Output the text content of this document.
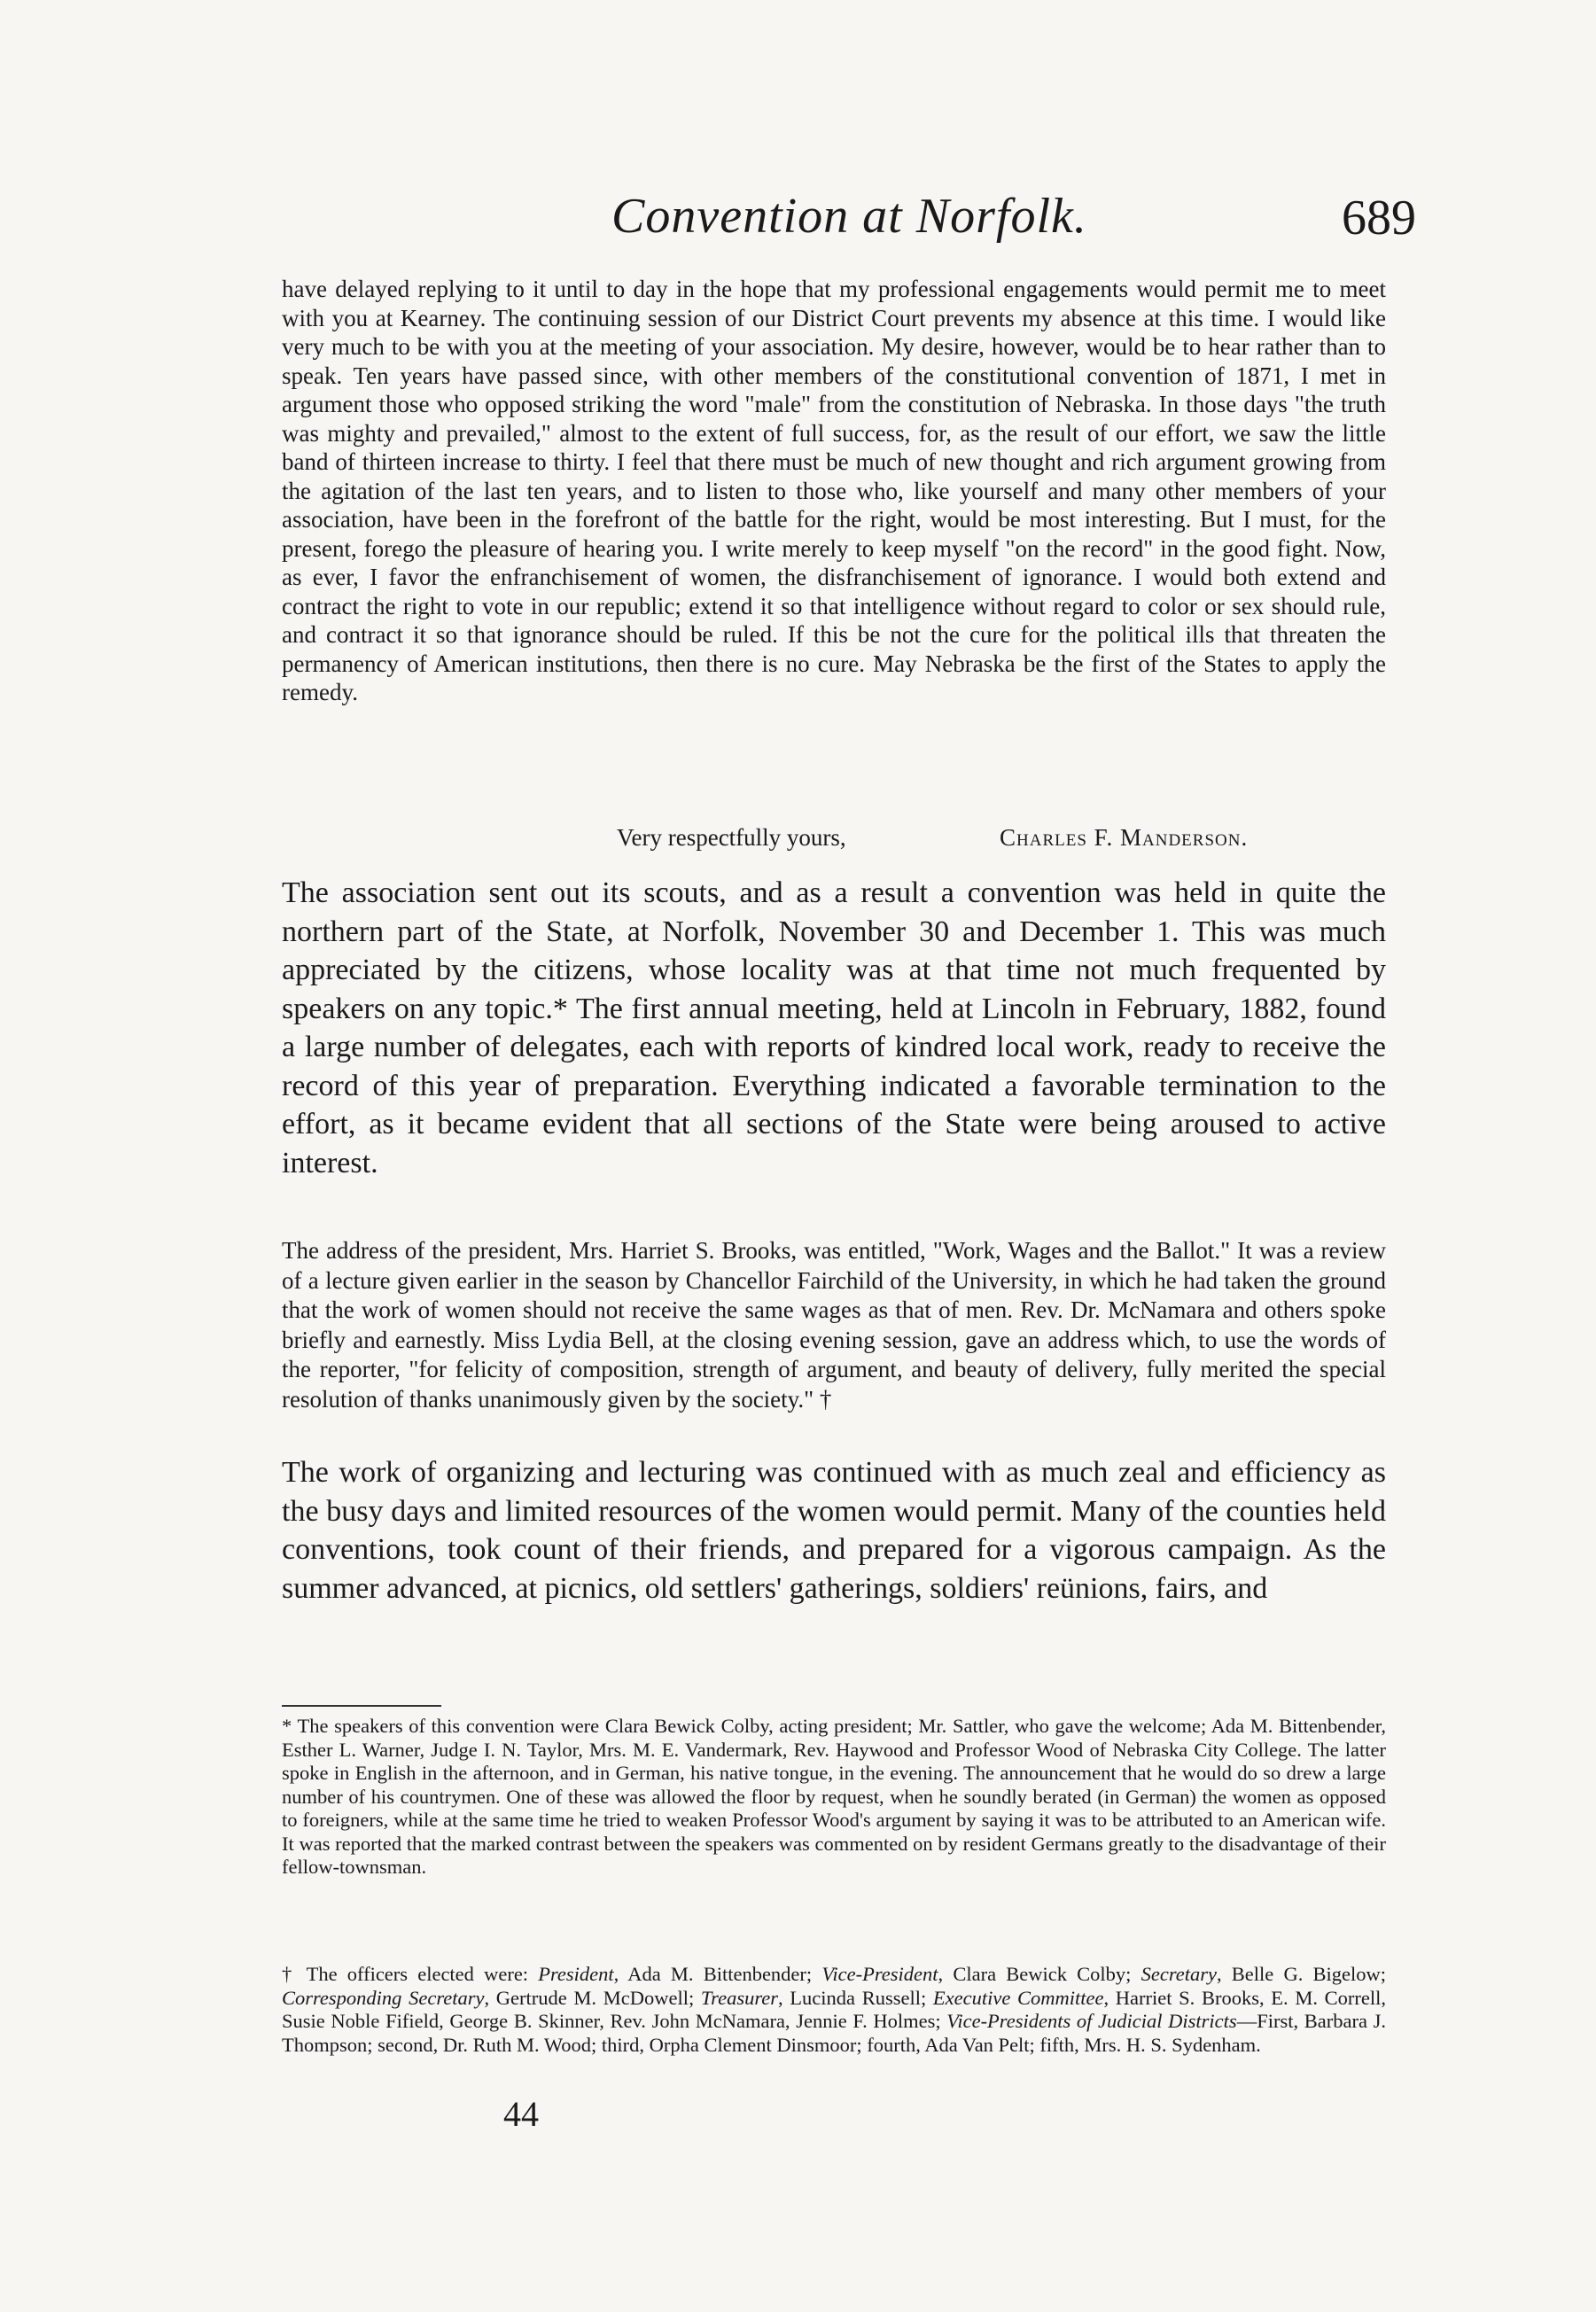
Convention at Norfolk.	689

have delayed replying to it until to day in the hope that my professional engagements would permit me to meet with you at Kearney. The continuing session of our District Court prevents my absence at this time. I would like very much to be with you at the meeting of your association. My desire, however, would be to hear rather than to speak. Ten years have passed since, with other members of the constitutional convention of 1871, I met in argument those who opposed striking the word "male" from the constitution of Nebraska. In those days "the truth was mighty and prevailed," almost to the extent of full success, for, as the result of our effort, we saw the little band of thirteen increase to thirty. I feel that there must be much of new thought and rich argument growing from the agitation of the last ten years, and to listen to those who, like yourself and many other members of your association, have been in the forefront of the battle for the right, would be most interesting. But I must, for the present, forego the pleasure of hearing you. I write merely to keep myself "on the record" in the good fight. Now, as ever, I favor the enfranchisement of women, the disfranchisement of ignorance. I would both extend and contract the right to vote in our republic; extend it so that intelligence without regard to color or sex should rule, and contract it so that ignorance should be ruled. If this be not the cure for the political ills that threaten the permanency of American institutions, then there is no cure. May Nebraska be the first of the States to apply the remedy.

Very respectfully yours,	Charles F. Manderson.

The association sent out its scouts, and as a result a convention was held in quite the northern part of the State, at Norfolk, November 30 and December 1. This was much appreciated by the citizens, whose locality was at that time not much frequented by speakers on any topic.* The first annual meeting, held at Lincoln in February, 1882, found a large number of delegates, each with reports of kindred local work, ready to receive the record of this year of preparation. Everything indicated a favorable termination to the effort, as it became evident that all sections of the State were being aroused to active interest.

The address of the president, Mrs. Harriet S. Brooks, was entitled, "Work, Wages and the Ballot." It was a review of a lecture given earlier in the season by Chancellor Fairchild of the University, in which he had taken the ground that the work of women should not receive the same wages as that of men. Rev. Dr. McNamara and others spoke briefly and earnestly. Miss Lydia Bell, at the closing evening session, gave an address which, to use the words of the reporter, "for felicity of composition, strength of argument, and beauty of delivery, fully merited the special resolution of thanks unanimously given by the society." †

The work of organizing and lecturing was continued with as much zeal and efficiency as the busy days and limited resources of the women would permit. Many of the counties held conventions, took count of their friends, and prepared for a vigorous campaign. As the summer advanced, at picnics, old settlers' gatherings, soldiers' reünions, fairs, and

* The speakers of this convention were Clara Bewick Colby, acting president; Mr. Sattler, who gave the welcome; Ada M. Bittenbender, Esther L. Warner, Judge I. N. Taylor, Mrs. M. E. Vandermark, Rev. Haywood and Professor Wood of Nebraska City College. The latter spoke in English in the afternoon, and in German, his native tongue, in the evening. The announcement that he would do so drew a large number of his countrymen. One of these was allowed the floor by request, when he soundly berated (in German) the women as opposed to foreigners, while at the same time he tried to weaken Professor Wood's argument by saying it was to be attributed to an American wife. It was reported that the marked contrast between the speakers was commented on by resident Germans greatly to the disadvantage of their fellow-townsman.

† The officers elected were: President, Ada M. Bittenbender; Vice-President, Clara Bewick Colby; Secretary, Belle G. Bigelow; Corresponding Secretary, Gertrude M. McDowell; Treasurer, Lucinda Russell; Executive Committee, Harriet S. Brooks, E. M. Correll, Susie Noble Fifield, George B. Skinner, Rev. John McNamara, Jennie F. Holmes; Vice-Presidents of Judicial Districts—First, Barbara J. Thompson; second, Dr. Ruth M. Wood; third, Orpha Clement Dinsmoor; fourth, Ada Van Pelt; fifth, Mrs. H. S. Sydenham.

44
